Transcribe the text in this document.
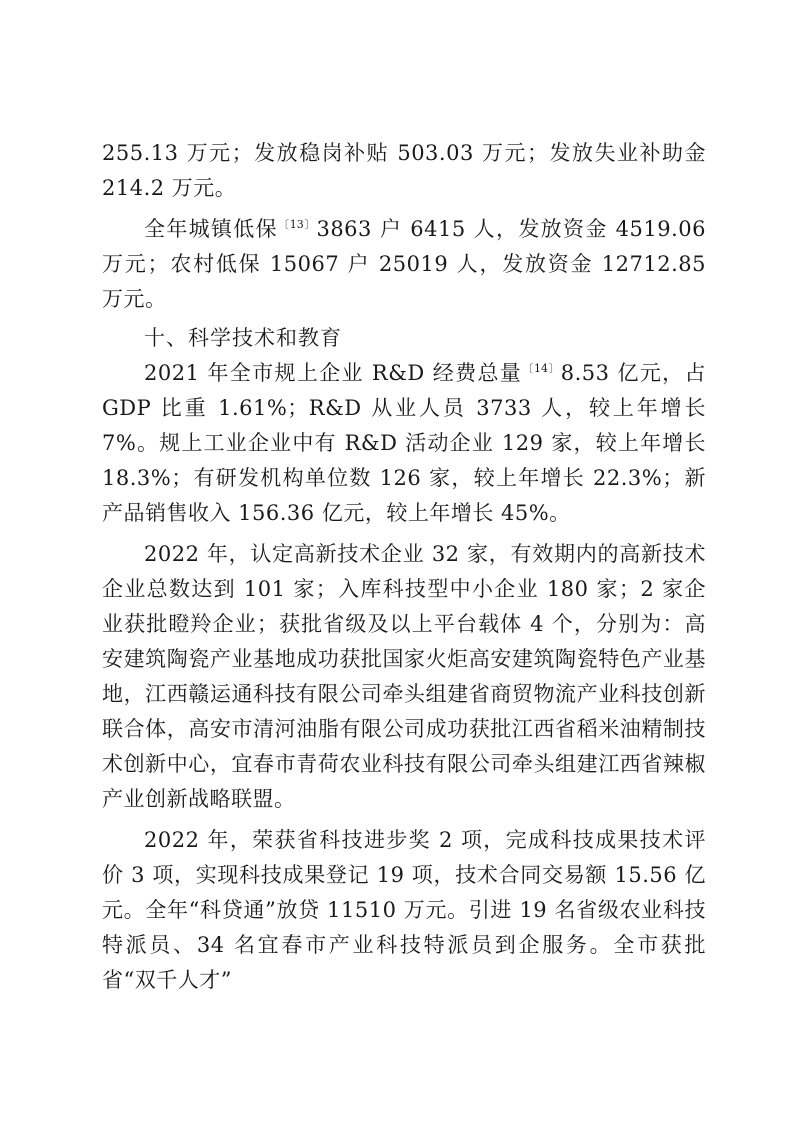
255.13 万元；发放稳岗补贴 503.03 万元；发放失业补助金 214.2 万元。

全年城镇低保$^{〔13〕}$3863 户 6415 人，发放资金 4519.06 万元；农村低保 15067 户 25019 人，发放资金 12712.85 万元。

十、科学技术和教育

2021 年全市规上企业 R&D 经费总量$^{〔14〕}$8.53 亿元，占 GDP 比重 1.61%；R&D 从业人员 3733 人，较上年增长 7%。规上工业企业中有 R&D 活动企业 129 家，较上年增长 18.3%；有研发机构单位数 126 家，较上年增长 22.3%；新产品销售收入 156.36 亿元，较上年增长 45%。

2022 年，认定高新技术企业 32 家，有效期内的高新技术企业总数达到 101 家；入库科技型中小企业 180 家；2 家企业获批瞪羚企业；获批省级及以上平台载体 4 个，分别为：高安建筑陶瓷产业基地成功获批国家火炬高安建筑陶瓷特色产业基地，江西赣运通科技有限公司牵头组建省商贸物流产业科技创新联合体，高安市清河油脂有限公司成功获批江西省稻米油精制技术创新中心，宜春市青荷农业科技有限公司牵头组建江西省辣椒产业创新战略联盟。

2022 年，荣获省科技进步奖 2 项，完成科技成果技术评价 3 项，实现科技成果登记 19 项，技术合同交易额 15.56 亿元。全年“科贷通”放贷 11510 万元。引进 19 名省级农业科技特派员、34 名宜春市产业科技特派员到企服务。全市获批省“双千人才”
